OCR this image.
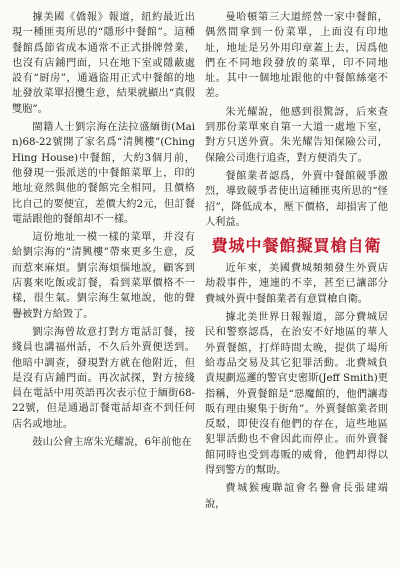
據美國《僑報》報道，紐約最近出現一種匪夷所思的“隱形中餐館”。這種餐館爲節省成本通常不正式掛牌營業，也沒有店鋪門面，只在地下室或隱蔽處設有“厨房”，通過盜用正式中餐館的地址發放菜單招攬生意，結果就顯出“真假雙胞”。

閩籍人士劉宗海在法拉盛緬街(Main)68-22號開了家名爲“清興樓”(Ching Hing House)中餐館，大約3個月前，他發現一張派送的中餐館菜單上，印的地址竟然與他的餐館完全相同，且價格比自己的要便宜，差價大約2元，但訂餐電話跟他的餐館却不一樣。

這份地址一模一樣的菜單，并沒有給劉宗海的“清興樓”帶來更多生意，反而惹來麻煩。劉宗海煩惱地說，顧客到店裏來吃飯或訂餐，看到菜單價格不一樣，很生氣。劉宗海生氣地說，他的聲譽被對方給毀了。

劉宗海曾故意打對方電話訂餐，接綫員也講福州話，不久后外賣便送到。他暗中調查，發現對方就在他附近，但是沒有店鋪門面。再次試探，對方接綫員在電話中用英語再次表示位于緬街68-22號，但是通過訂餐電話却查不到任何店名或地址。

鼓山公會主席朱光耀說，6年前他在

曼哈頓第三大道經營一家中餐館，偶然間拿到一份菜單，上面沒有印地址，地址是另外用印章蓋上去，因爲他們在不同地段發放的菜單，印不同地址。其中一個地址跟他的中餐館絲毫不差。

朱光耀說，他感到很驚訝，后來查到那份菜單來自第一大道一處地下室，對方只送外賣。朱光耀告知保險公司，保險公司進行追查，對方便消失了。

餐館業者認爲，外賣中餐館競爭激烈，導致競爭者使出這種匪夷所思的“怪招”，降低成本，壓下價格，却損害了他人利益。

費城中餐館擬買槍自衛

近年來，美國費城頻頻發生外賣店劫殺事件，連連的不幸，甚至已讓部分費城外賣中餐館業者有意買槍自衛。

據北美世界日報報道，部分費城居民和警察認爲，在治安不好地區的華人外賣餐館，打烊時間太晚，提供了場所給毒品交易及其它犯罪活動。北費城負責規劃巡邏的警官史密斯(Jeff Smith)更指稱，外賣餐館是“惡魔館的，他們讓毒販有理由聚集于街角”。外賣餐館業者則反駁，即使沒有他們的存在，這些地區犯罪活動也不會因此而停止。而外賣餐館同時也受到毒販的威脅，他們却得以得到警方的幫助。

費城猴瘦聯誼會名譽會長張建端說，
